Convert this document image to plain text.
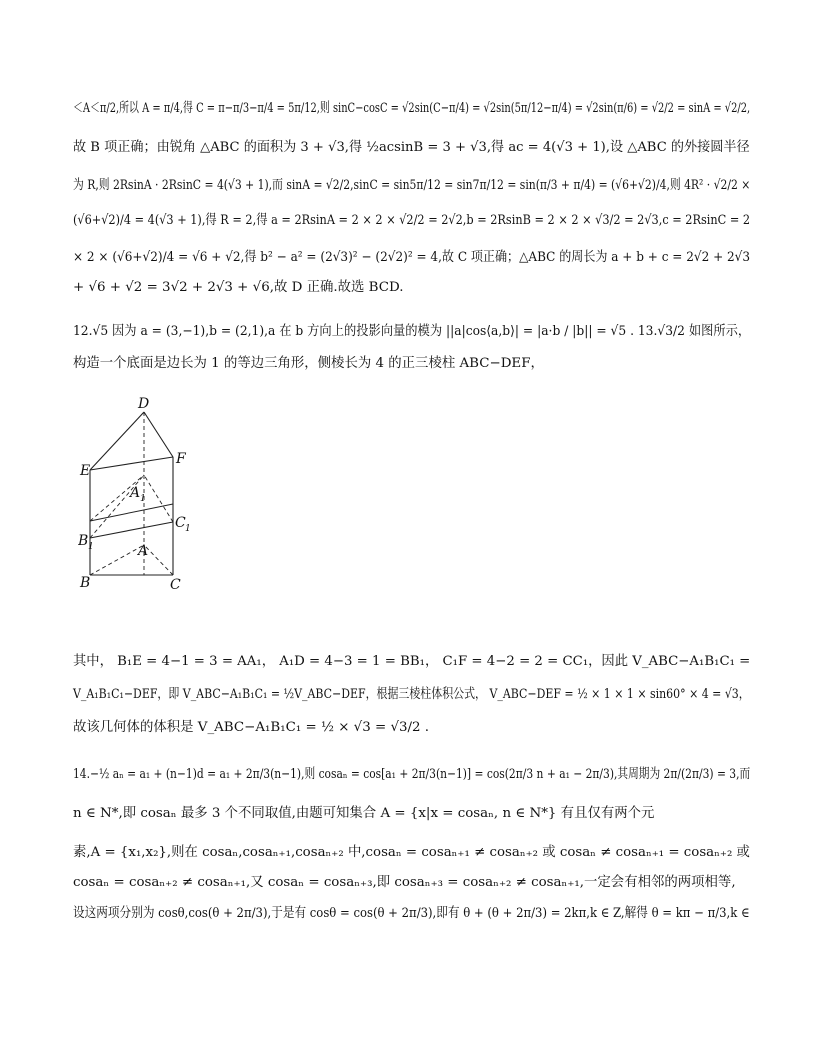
＜A＜π/2,所以 A = π/4,得 C = π−π/3−π/4 = 5π/12,则 sinC−cosC = √2sin(C−π/4) = √2sin(5π/12−π/4) = √2sin(π/6) = √2/2 = sinA = √2/2,
故 B 项正确；由锐角 △ABC 的面积为 3 + √3,得 ½acsinB = 3 + √3,得 ac = 4(√3 + 1),设 △ABC 的外接圆半径
为 R,则 2RsinA · 2RsinC = 4(√3 + 1),而 sinA = √2/2,sinC = sin5π/12 = sin7π/12 = sin(π/3 + π/4) = (√6+√2)/4,则 4R² · √2/2 ×
(√6+√2)/4 = 4(√3 + 1),得 R = 2,得 a = 2RsinA = 2 × 2 × √2/2 = 2√2,b = 2RsinB = 2 × 2 × √3/2 = 2√3,c = 2RsinC = 2
× 2 × (√6+√2)/4 = √6 + √2,得 b² − a² = (2√3)² − (2√2)² = 4,故 C 项正确；△ABC 的周长为 a + b + c = 2√2 + 2√3
+ √6 + √2 = 3√2 + 2√3 + √6,故 D 正确.故选 BCD.
12.√5 因为 a = (3,−1),b = (2,1),a 在 b 方向上的投影向量的模为 ||a|cos⟨a,b⟩| = |a·b / |b|| = √5 . 13.√3/2 如图所示，
构造一个底面是边长为 1 的等边三角形，侧棱长为 4 的正三棱柱 ABC−DEF，
D
E
F
A 1
C 1
B 1	A
B	C
其中， B₁E = 4−1 = 3 = AA₁， A₁D = 4−3 = 1 = BB₁， C₁F = 4−2 = 2 = CC₁，因此 V_ABC−A₁B₁C₁ =
V_A₁B₁C₁−DEF，即 V_ABC−A₁B₁C₁ = ½V_ABC−DEF，根据三棱柱体积公式， V_ABC−DEF = ½ × 1 × 1 × sin60° × 4 = √3，
故该几何体的体积是 V_ABC−A₁B₁C₁ = ½ × √3 = √3/2 .
14.−½ aₙ = a₁ + (n−1)d = a₁ + 2π/3(n−1),则 cosaₙ = cos[a₁ + 2π/3(n−1)] = cos(2π/3 n + a₁ − 2π/3),其周期为 2π/(2π/3) = 3,而
n ∈ N*,即 cosaₙ 最多 3 个不同取值,由题可知集合 A = {x|x = cosaₙ, n ∈ N*} 有且仅有两个元
素,A = {x₁,x₂},则在 cosaₙ,cosaₙ₊₁,cosaₙ₊₂ 中,cosaₙ = cosaₙ₊₁ ≠ cosaₙ₊₂ 或 cosaₙ ≠ cosaₙ₊₁ = cosaₙ₊₂ 或
cosaₙ = cosaₙ₊₂ ≠ cosaₙ₊₁,又 cosaₙ = cosaₙ₊₃,即 cosaₙ₊₃ = cosaₙ₊₂ ≠ cosaₙ₊₁,一定会有相邻的两项相等,
设这两项分别为 cosθ,cos(θ + 2π/3),于是有 cosθ = cos(θ + 2π/3),即有 θ + (θ + 2π/3) = 2kπ,k ∈ Z,解得 θ = kπ − π/3,k ∈
